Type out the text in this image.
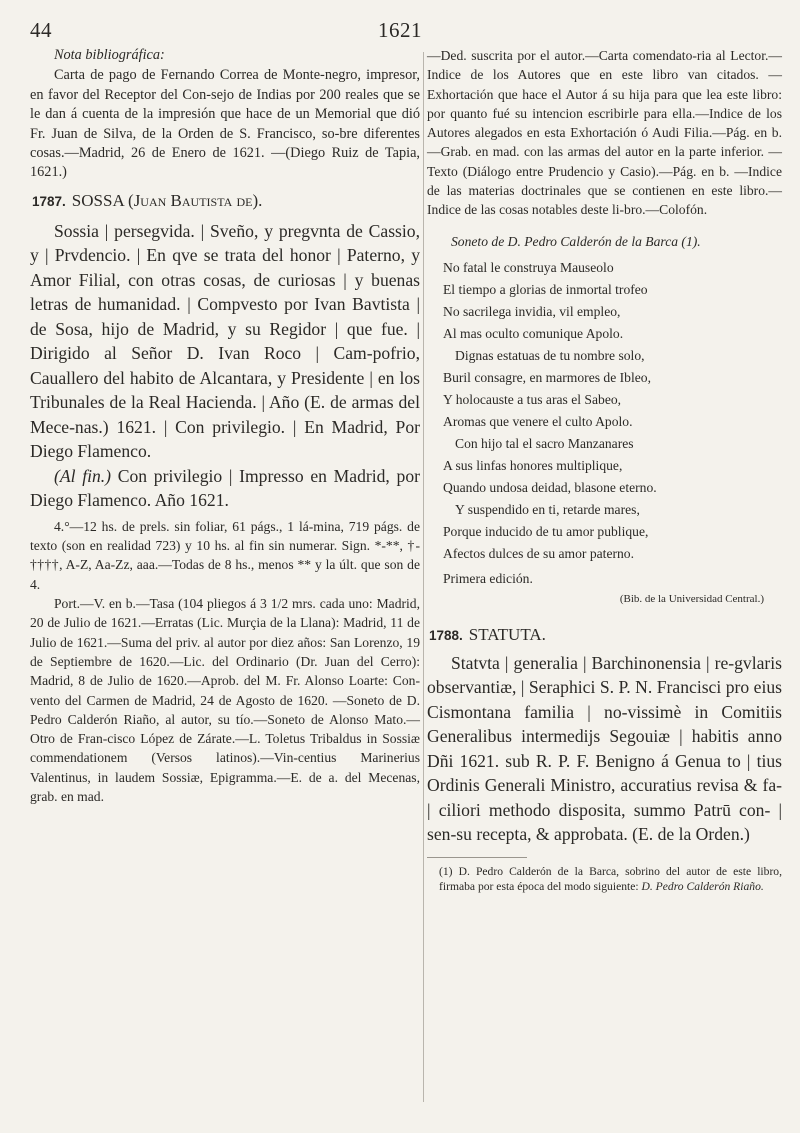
44	1621

Nota bibliográfica:

Carta de pago de Fernando Correa de Monte-negro, impresor, en favor del Receptor del Con-sejo de Indias por 200 reales que se le dan á cuenta de la impresión que hace de un Memorial que dió Fr. Juan de Silva, de la Orden de S. Francisco, so-bre diferentes cosas.—Madrid, 26 de Enero de 1621. —(Diego Ruiz de Tapia, 1621.)

1787. SOSSA (Juan Bautista de).

Sossia | persegvida. | Sveño, y pregvnta de Cassio, y | Prvdencio. | En qve se trata del honor | Paterno, y Amor Filial, con otras cosas, de curiosas | y buenas letras de humanidad. | Compvesto por Ivan Bavtista | de Sosa, hijo de Madrid, y su Regidor | que fue. | Dirigido al Señor D. Ivan Roco | Cam-pofrio, Cauallero del habito de Alcantara, y Presidente | en los Tribunales de la Real Hacienda. | Año (E. de armas del Mece-nas.) 1621. | Con privilegio. | En Madrid, Por Diego Flamenco.

(Al fin.) Con privilegio | Impresso en Madrid, por Diego Flamenco. Año 1621.

4.°—12 hs. de prels. sin foliar, 61 págs., 1 lá-mina, 719 págs. de texto (son en realidad 723) y 10 hs. al fin sin numerar. Sign. *-**, †-††††, A-Z, Aa-Zz, aaa.—Todas de 8 hs., menos ** y la últ. que son de 4.

Port.—V. en b.—Tasa (104 pliegos á 3 1/2 mrs. cada uno: Madrid, 20 de Julio de 1621.—Erratas (Lic. Murçia de la Llana): Madrid, 11 de Julio de 1621.—Suma del priv. al autor por diez años: San Lorenzo, 19 de Septiembre de 1620.—Lic. del Ordinario (Dr. Juan del Cerro): Madrid, 8 de Julio de 1620.—Aprob. del M. Fr. Alonso Loarte: Con-vento del Carmen de Madrid, 24 de Agosto de 1620. —Soneto de D. Pedro Calderón Riaño, al autor, su tío.—Soneto de Alonso Mato.—Otro de Fran-cisco López de Zárate.—L. Toletus Tribaldus in Sossiæ commendationem (Versos latinos).—Vin-centius Marinerius Valentinus, in laudem Sossiæ, Epigramma.—E. de a. del Mecenas, grab. en mad.

—Ded. suscrita por el autor.—Carta comendato-ria al Lector.—Indice de los Autores que en este libro van citados. — Exhortación que hace el Autor á su hija para que lea este libro: por quanto fué su intencion escribirle para ella.—Indice de los Autores alegados en esta Exhortación ó Audi Filia.—Pág. en b. —Grab. en mad. con las armas del autor en la parte inferior. — Texto (Diálogo entre Prudencio y Casio).—Pág. en b. —Indice de las materias doctrinales que se contienen en este libro.—Indice de las cosas notables deste li-bro.—Colofón.

Soneto de D. Pedro Calderón de la Barca (1).

No fatal le construya Mauseolo

El tiempo a glorias de inmortal trofeo

No sacrilega invidia, vil empleo,

Al mas oculto comunique Apolo.

Dignas estatuas de tu nombre solo,

Buril consagre, en marmores de Ibleo,

Y holocauste a tus aras el Sabeo,

Aromas que venere el culto Apolo.

Con hijo tal el sacro Manzanares

A sus linfas honores multiplique,

Quando undosa deidad, blasone eterno.

Y suspendido en ti, retarde mares,

Porque inducido de tu amor publique,

Afectos dulces de su amor paterno.

Primera edición.

(Bib. de la Universidad Central.)

1788. STATUTA.

Statvta | generalia | Barchinonensia | re-gvlaris observantiæ, | Seraphici S. P. N. Francisci pro eius Cismontana familia | no-vissimè in Comitiis Generalibus intermedijs Segouiæ | habitis anno Dñi 1621. sub R. P. F. Benigno á Genua to | tius Ordinis Generali Ministro, accuratius revisa & fa- | ciliori methodo disposita, summo Patrū con- | sen-su recepta, & approbata. (E. de la Orden.)

(1) D. Pedro Calderón de la Barca, sobrino del autor de este libro, firmaba por esta época del modo siguiente: D. Pedro Calderón Riaño.
